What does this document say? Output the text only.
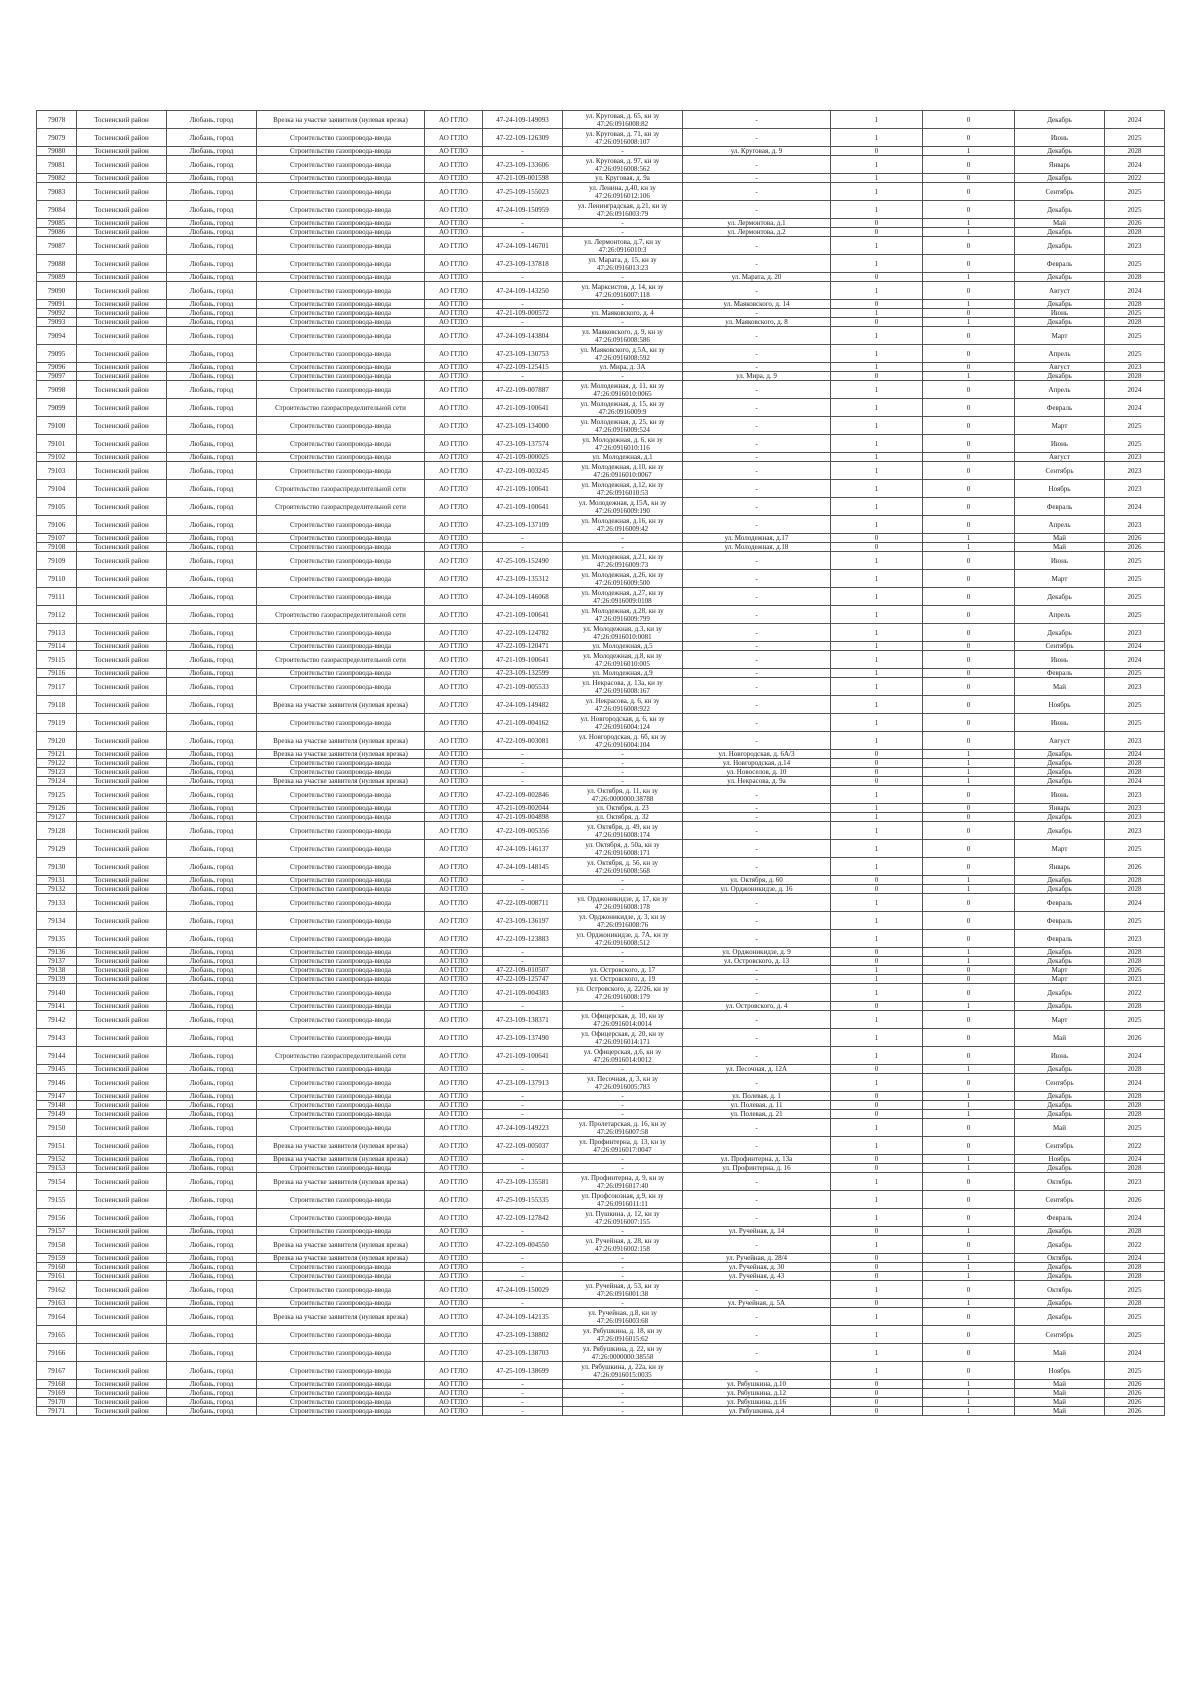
79078	Тосненский район	Любань, город	Врезка на участке заявителя (нулевая врезка)	АО ГГЛО	47-24-109-149093	ул. Круговая, д. 65, кн зу 47:26:0916008:82	-	1	0	Декабрь	2024
79079	Тосненский район	Любань, город	Строительство газопровода-ввода	АО ГГЛО	47-22-109-126309	ул. Круговая, д. 71, кн зу 47:26:0916008:107	-	1	0	Июнь	2025
79080	Тосненский район	Любань, город	Строительство газопровода-ввода	АО ГГЛО	-	-	ул. Круговая, д. 9	0	1	Декабрь	2028
79081	Тосненский район	Любань, город	Строительство газопровода-ввода	АО ГГЛО	47-23-109-133606	ул. Круговая, д. 97, кн зу 47:26:0916008:562	-	1	0	Январь	2024
79082	Тосненский район	Любань, город	Строительство газопровода-ввода	АО ГГЛО	47-21-109-001598	ул. Круговая, д. 9а	-	1	0	Декабрь	2022
79083	Тосненский район	Любань, город	Строительство газопровода-ввода	АО ГГЛО	47-25-109-155023	ул. Ленина, д.40, кн зу 47:26:0916012:106	-	1	0	Сентябрь	2025
79084	Тосненский район	Любань, город	Строительство газопровода-ввода	АО ГГЛО	47-24-109-150959	ул. Ленинградская, д.21, кн зу 47:26:0916003:79	-	1	0	Декабрь	2025
79085	Тосненский район	Любань, город	Строительство газопровода-ввода	АО ГГЛО	-	-	ул. Лермонтова, д.1	0	1	Май	2026
79086	Тосненский район	Любань, город	Строительство газопровода-ввода	АО ГГЛО	-	-	ул. Лермонтова, д.2	0	1	Декабрь	2028
79087	Тосненский район	Любань, город	Строительство газопровода-ввода	АО ГГЛО	47-24-109-146701	ул. Лермонтова, д.7, кн зу 47:26:0916010:3	-	1	0	Декабрь	2023
79088	Тосненский район	Любань, город	Строительство газопровода-ввода	АО ГГЛО	47-23-109-137818	ул. Марата, д. 15, кн зу 47:26:0916013:23	-	1	0	Февраль	2025
79089	Тосненский район	Любань, город	Строительство газопровода-ввода	АО ГГЛО	-	-	ул. Марата, д. 20	0	1	Декабрь	2028
79090	Тосненский район	Любань, город	Строительство газопровода-ввода	АО ГГЛО	47-24-109-143250	ул. Марксистов, д. 14, кн зу 47:26:0916007:118	-	1	0	Август	2024
79091	Тосненский район	Любань, город	Строительство газопровода-ввода	АО ГГЛО	-	-	ул. Маяковского, д. 14	0	1	Декабрь	2028
79092	Тосненский район	Любань, город	Строительство газопровода-ввода	АО ГГЛО	47-21-109-000572	ул. Маяковского, д. 4	-	1	0	Июнь	2025
79093	Тосненский район	Любань, город	Строительство газопровода-ввода	АО ГГЛО	-	-	ул. Маяковского, д. 8	0	1	Декабрь	2028
79094	Тосненский район	Любань, город	Строительство газопровода-ввода	АО ГГЛО	47-24-109-143804	ул. Маяковского, д. 9, кн зу 47:26:0916008:586	-	1	0	Март	2025
79095	Тосненский район	Любань, город	Строительство газопровода-ввода	АО ГГЛО	47-23-109-130753	ул. Маяковского, д.5А, кн зу 47:26:0916008:592	-	1	0	Апрель	2025
79096	Тосненский район	Любань, город	Строительство газопровода-ввода	АО ГГЛО	47-22-109-125415	ул. Мира, д. 3А	-	1	0	Август	2023
79097	Тосненский район	Любань, город	Строительство газопровода-ввода	АО ГГЛО	-	-	ул. Мира, д. 9	0	1	Декабрь	2028
79098	Тосненский район	Любань, город	Строительство газопровода-ввода	АО ГГЛО	47-22-109-007887	ул. Молодежная, д. 11, кн зу 47:26:0916010:0065	-	1	0	Апрель	2024
79099	Тосненский район	Любань, город	Строительство газораспределительной сети	АО ГГЛО	47-21-109-100641	ул. Молодежная, д. 15, кн зу 47:26:0916009:9	-	1	0	Февраль	2024
79100	Тосненский район	Любань, город	Строительство газопровода-ввода	АО ГГЛО	47-23-109-134000	ул. Молодежная, д. 25, кн зу 47:26:0916009:524	-	1	0	Март	2025
79101	Тосненский район	Любань, город	Строительство газопровода-ввода	АО ГГЛО	47-23-109-137574	ул. Молодежная, д. 6, кн зу 47:26:0916010:116	-	1	0	Июнь	2025
79102	Тосненский район	Любань, город	Строительство газопровода-ввода	АО ГГЛО	47-21-109-000025	ул. Молодежная, д.1	-	1	0	Август	2023
79103	Тосненский район	Любань, город	Строительство газопровода-ввода	АО ГГЛО	47-22-109-003245	ул. Молодежная, д.10, кн зу 47:26:0916010:0067	-	1	0	Сентябрь	2023
79104	Тосненский район	Любань, город	Строительство газораспределительной сети	АО ГГЛО	47-21-109-100641	ул. Молодежная, д.12, кн зу 47:26:0916010:53	-	1	0	Ноябрь	2023
79105	Тосненский район	Любань, город	Строительство газораспределительной сети	АО ГГЛО	47-21-109-100641	ул. Молодежная, д.15А, кн зу 47:26:0916009:190	-	1	0	Февраль	2024
79106	Тосненский район	Любань, город	Строительство газопровода-ввода	АО ГГЛО	47-23-109-137109	ул. Молодежная, д.16, кн зу 47:26:0916009:42	-	1	0	Апрель	2023
79107	Тосненский район	Любань, город	Строительство газопровода-ввода	АО ГГЛО	-	-	ул. Молодежная, д.17	0	1	Май	2026
79108	Тосненский район	Любань, город	Строительство газопровода-ввода	АО ГГЛО	-	-	ул. Молодежная, д.18	0	1	Май	2026
79109	Тосненский район	Любань, город	Строительство газопровода-ввода	АО ГГЛО	47-25-109-152490	ул. Молодежная, д.21, кн зу 47:26:0916009:73	-	1	0	Июнь	2025
79110	Тосненский район	Любань, город	Строительство газопровода-ввода	АО ГГЛО	47-23-109-135312	ул. Молодежная, д.26, кн зу 47:26:0916009:500	-	1	0	Март	2025
79111	Тосненский район	Любань, город	Строительство газопровода-ввода	АО ГГЛО	47-24-109-146068	ул. Молодежная, д.27, кн зу 47:26:0916009:0108	-	1	0	Декабрь	2025
79112	Тосненский район	Любань, город	Строительство газораспределительной сети	АО ГГЛО	47-21-109-100641	ул. Молодежная, д.28, кн зу 47:26:0916009:799	-	1	0	Апрель	2025
79113	Тосненский район	Любань, город	Строительство газопровода-ввода	АО ГГЛО	47-22-109-124782	ул. Молодежная, д.3, кн зу 47:26:0916010:0081	-	1	0	Декабрь	2023
79114	Тосненский район	Любань, город	Строительство газопровода-ввода	АО ГГЛО	47-22-109-120471	ул. Молодежная, д.5	-	1	0	Сентябрь	2024
79115	Тосненский район	Любань, город	Строительство газораспределительной сети	АО ГГЛО	47-21-109-100641	ул. Молодежная, д.8, кн зу 47:26:0916010:005	-	1	0	Июнь	2024
79116	Тосненский район	Любань, город	Строительство газопровода-ввода	АО ГГЛО	47-23-109-132599	ул. Молодежная, д.9	-	1	0	Февраль	2025
79117	Тосненский район	Любань, город	Строительство газопровода-ввода	АО ГГЛО	47-21-109-005533	ул. Некрасова, д. 13а, кн зу 47:26:0916008:167	-	1	0	Май	2023
79118	Тосненский район	Любань, город	Врезка на участке заявителя (нулевая врезка)	АО ГГЛО	47-24-109-149482	ул. Некрасова, д. 6, кн зу 47:26:0916008:922	-	1	0	Ноябрь	2025
79119	Тосненский район	Любань, город	Строительство газопровода-ввода	АО ГГЛО	47-21-109-004162	ул. Новгородская, д. 6, кн зу 47:26:0916004:124	-	1	0	Июнь	2025
79120	Тосненский район	Любань, город	Врезка на участке заявителя (нулевая врезка)	АО ГГЛО	47-22-109-003081	ул. Новгородская, д. 6б, кн зу 47:26:0916004:104	-	1	0	Август	2023
79121	Тосненский район	Любань, город	Врезка на участке заявителя (нулевая врезка)	АО ГГЛО	-	-	ул. Новгородская, д. 6А/3	0	1	Декабрь	2024
79122	Тосненский район	Любань, город	Строительство газопровода-ввода	АО ГГЛО	-	-	ул. Новгородская, д.14	0	1	Декабрь	2028
79123	Тосненский район	Любань, город	Строительство газопровода-ввода	АО ГГЛО	-	-	ул. Новоселов, д. 10	0	1	Декабрь	2028
79124	Тосненский район	Любань, город	Врезка на участке заявителя (нулевая врезка)	АО ГГЛО	-	-	ул. Некрасова, д. 9а	0	1	Декабрь	2024
79125	Тосненский район	Любань, город	Строительство газопровода-ввода	АО ГГЛО	47-22-109-002846	ул. Октября, д. 11, кн зу 47:26:0000000:38788	-	1	0	Июнь	2023
79126	Тосненский район	Любань, город	Строительство газопровода-ввода	АО ГГЛО	47-21-109-002044	ул. Октября, д. 23	-	1	0	Январь	2023
79127	Тосненский район	Любань, город	Строительство газопровода-ввода	АО ГГЛО	47-21-109-004898	ул. Октября, д. 32	-	1	0	Декабрь	2023
79128	Тосненский район	Любань, город	Строительство газопровода-ввода	АО ГГЛО	47-22-109-005356	ул. Октября, д. 49, кн зу 47:26:0916008:174	-	1	0	Декабрь	2023
79129	Тосненский район	Любань, город	Строительство газопровода-ввода	АО ГГЛО	47-24-109-146137	ул. Октября, д. 50а, кн зу 47:26:0916008:171	-	1	0	Март	2025
79130	Тосненский район	Любань, город	Строительство газопровода-ввода	АО ГГЛО	47-24-109-148145	ул. Октября, д. 56, кн зу 47:26:0916008:568	-	1	0	Январь	2026
79131	Тосненский район	Любань, город	Строительство газопровода-ввода	АО ГГЛО	-	-	ул. Октября, д. 60	0	1	Декабрь	2028
79132	Тосненский район	Любань, город	Строительство газопровода-ввода	АО ГГЛО	-	-	ул. Орджоникидзе, д. 16	0	1	Декабрь	2028
79133	Тосненский район	Любань, город	Строительство газопровода-ввода	АО ГГЛО	47-22-109-008711	ул. Орджоникидзе, д. 17, кн зу 47:26:0916008:178	-	1	0	Февраль	2024
79134	Тосненский район	Любань, город	Строительство газопровода-ввода	АО ГГЛО	47-23-109-136197	ул. Орджоникидзе, д. 3, кн зу 47:26:0916008:76	-	1	0	Февраль	2025
79135	Тосненский район	Любань, город	Строительство газопровода-ввода	АО ГГЛО	47-22-109-123883	ул. Орджоникидзе, д. 7А, кн зу 47:26:0916008:512	-	1	0	Февраль	2023
79136	Тосненский район	Любань, город	Строительство газопровода-ввода	АО ГГЛО	-	-	ул. Орджоникидзе, д. 9	0	1	Декабрь	2028
79137	Тосненский район	Любань, город	Строительство газопровода-ввода	АО ГГЛО	-	-	ул. Островского, д. 13	0	1	Декабрь	2028
79138	Тосненский район	Любань, город	Строительство газопровода-ввода	АО ГГЛО	47-22-109-010507	ул. Островского, д. 17	-	1	0	Март	2026
79139	Тосненский район	Любань, город	Строительство газопровода-ввода	АО ГГЛО	47-22-109-125747	ул. Островского, д. 19	-	1	0	Март	2023
79140	Тосненский район	Любань, город	Строительство газопровода-ввода	АО ГГЛО	47-21-109-004383	ул. Островского, д. 22/26, кн зу 47:26:0916008:179	-	1	0	Декабрь	2022
79141	Тосненский район	Любань, город	Строительство газопровода-ввода	АО ГГЛО	-	-	ул. Островского, д. 4	0	1	Декабрь	2028
79142	Тосненский район	Любань, город	Строительство газопровода-ввода	АО ГГЛО	47-23-109-138371	ул. Офицерская, д. 10, кн зу 47:26:0916014:0014	-	1	0	Март	2025
79143	Тосненский район	Любань, город	Строительство газопровода-ввода	АО ГГЛО	47-23-109-137490	ул. Офицерская, д. 20, кн зу 47:26:0916014:171	-	1	0	Май	2026
79144	Тосненский район	Любань, город	Строительство газораспределительной сети	АО ГГЛО	47-21-109-100641	ул. Офицерская, д.6, кн зу 47:26:0916014:0012	-	1	0	Июнь	2024
79145	Тосненский район	Любань, город	Строительство газопровода-ввода	АО ГГЛО	-	-	ул. Песочная, д. 12А	0	1	Декабрь	2028
79146	Тосненский район	Любань, город	Строительство газопровода-ввода	АО ГГЛО	47-23-109-137913	ул. Песочная, д. 3, кн зу 47:26:0916005:783	-	1	0	Сентябрь	2024
79147	Тосненский район	Любань, город	Строительство газопровода-ввода	АО ГГЛО	-	-	ул. Полевая, д. 1	0	1	Декабрь	2028
79148	Тосненский район	Любань, город	Строительство газопровода-ввода	АО ГГЛО	-	-	ул. Полевая, д. 11	0	1	Декабрь	2028
79149	Тосненский район	Любань, город	Строительство газопровода-ввода	АО ГГЛО	-	-	ул. Полевая, д. 21	0	1	Декабрь	2028
79150	Тосненский район	Любань, город	Строительство газопровода-ввода	АО ГГЛО	47-24-109-149223	ул. Пролетарская, д. 16, кн зу 47:26:0916007:58	-	1	0	Май	2025
79151	Тосненский район	Любань, город	Врезка на участке заявителя (нулевая врезка)	АО ГГЛО	47-22-109-005037	ул. Профинтерна, д. 13, кн зу 47:26:0916017:0047	-	1	0	Сентябрь	2022
79152	Тосненский район	Любань, город	Врезка на участке заявителя (нулевая врезка)	АО ГГЛО	-	-	ул. Профинтерна, д. 13а	0	1	Ноябрь	2024
79153	Тосненский район	Любань, город	Строительство газопровода-ввода	АО ГГЛО	-	-	ул. Профинтерна, д. 16	0	1	Декабрь	2028
79154	Тосненский район	Любань, город	Врезка на участке заявителя (нулевая врезка)	АО ГГЛО	47-23-109-135581	ул. Профинтерна, д. 9, кн зу 47:26:0916017:40	-	1	0	Октябрь	2023
79155	Тосненский район	Любань, город	Строительство газопровода-ввода	АО ГГЛО	47-25-109-155335	ул. Профсоюзная, д.9, кн зу 47:26:0916011:11	-	1	0	Сентябрь	2026
79156	Тосненский район	Любань, город	Строительство газопровода-ввода	АО ГГЛО	47-22-109-127842	ул. Пушкина, д. 12, кн зу 47:26:0916007:155	-	1	0	Февраль	2024
79157	Тосненский район	Любань, город	Строительство газопровода-ввода	АО ГГЛО	-	-	ул. Ручейная, д. 14	0	1	Декабрь	2028
79158	Тосненский район	Любань, город	Врезка на участке заявителя (нулевая врезка)	АО ГГЛО	47-22-109-004550	ул. Ручейная, д. 28, кн зу 47:26:0916002:158	-	1	0	Декабрь	2022
79159	Тосненский район	Любань, город	Врезка на участке заявителя (нулевая врезка)	АО ГГЛО	-	-	ул. Ручейная, д. 28/4	0	1	Октябрь	2024
79160	Тосненский район	Любань, город	Строительство газопровода-ввода	АО ГГЛО	-	-	ул. Ручейная, д. 30	0	1	Декабрь	2028
79161	Тосненский район	Любань, город	Строительство газопровода-ввода	АО ГГЛО	-	-	ул. Ручейная, д. 43	0	1	Декабрь	2028
79162	Тосненский район	Любань, город	Строительство газопровода-ввода	АО ГГЛО	47-24-109-150029	ул. Ручейная, д. 53, кн зу 47:26:0916001:38	-	1	0	Октябрь	2025
79163	Тосненский район	Любань, город	Строительство газопровода-ввода	АО ГГЛО	-	-	ул. Ручейная, д. 5А	0	1	Декабрь	2028
79164	Тосненский район	Любань, город	Врезка на участке заявителя (нулевая врезка)	АО ГГЛО	47-24-109-142135	ул. Ручейная, д.8, кн зу 47:26:0916003:68	-	1	0	Декабрь	2025
79165	Тосненский район	Любань, город	Строительство газопровода-ввода	АО ГГЛО	47-23-109-138802	ул. Рябушкина, д. 18, кн зу 47:26:0916015:62	-	1	0	Сентябрь	2025
79166	Тосненский район	Любань, город	Строительство газопровода-ввода	АО ГГЛО	47-23-109-138703	ул. Рябушкина, д. 22, кн зу 47:26:0000000:38558	-	1	0	Май	2024
79167	Тосненский район	Любань, город	Строительство газопровода-ввода	АО ГГЛО	47-25-109-138699	ул. Рябушкина, д. 22а, кн зу 47:26:0916015:0035	-	1	0	Ноябрь	2025
79168	Тосненский район	Любань, город	Строительство газопровода-ввода	АО ГГЛО	-	-	ул. Рябушкина, д.10	0	1	Май	2026
79169	Тосненский район	Любань, город	Строительство газопровода-ввода	АО ГГЛО	-	-	ул. Рябушкина, д.12	0	1	Май	2026
79170	Тосненский район	Любань, город	Строительство газопровода-ввода	АО ГГЛО	-	-	ул. Рябушкина, д.16	0	1	Май	2026
79171	Тосненский район	Любань, город	Строительство газопровода-ввода	АО ГГЛО	-	-	ул. Рябушкина, д.4	0	1	Май	2026
